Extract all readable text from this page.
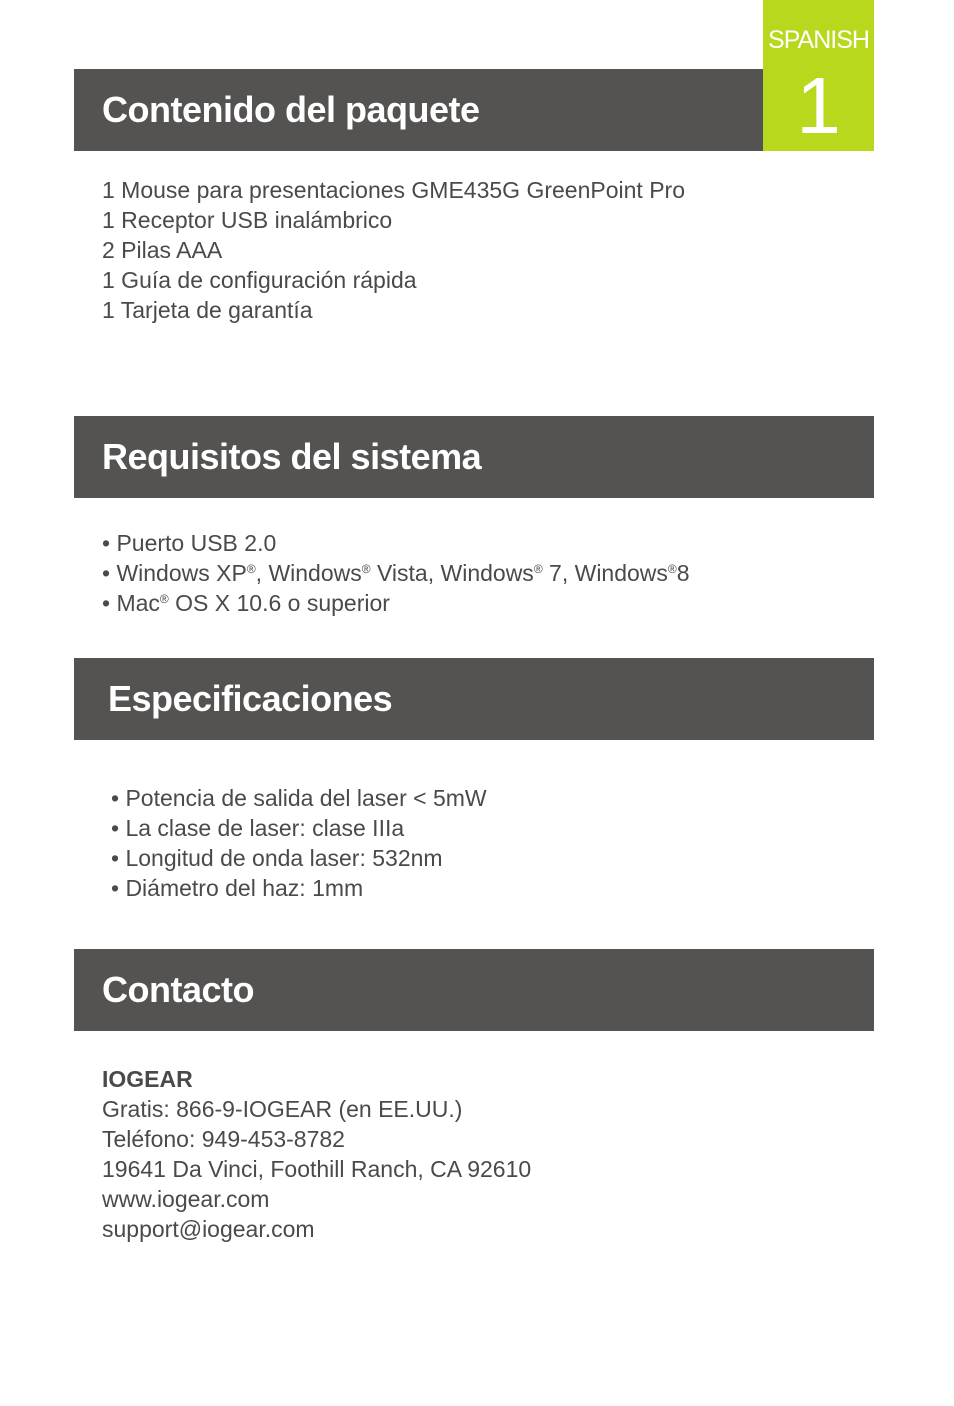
Contenido del paquete
SPANISH
1
1 Mouse para presentaciones GME435G GreenPoint Pro
1 Receptor USB inalámbrico
2 Pilas AAA
1 Guía de configuración rápida
1 Tarjeta de garantía
Requisitos del sistema
• Puerto USB 2.0
• Windows XP®, Windows® Vista, Windows® 7, Windows®8
• Mac® OS X 10.6 o superior
Especificaciones
• Potencia de salida del laser < 5mW
• La clase de laser: clase IIIa
• Longitud de onda laser: 532nm
• Diámetro del haz: 1mm
Contacto
IOGEAR
Gratis: 866-9-IOGEAR (en EE.UU.)
Teléfono: 949-453-8782
19641 Da Vinci, Foothill Ranch, CA 92610
www.iogear.com
support@iogear.com
